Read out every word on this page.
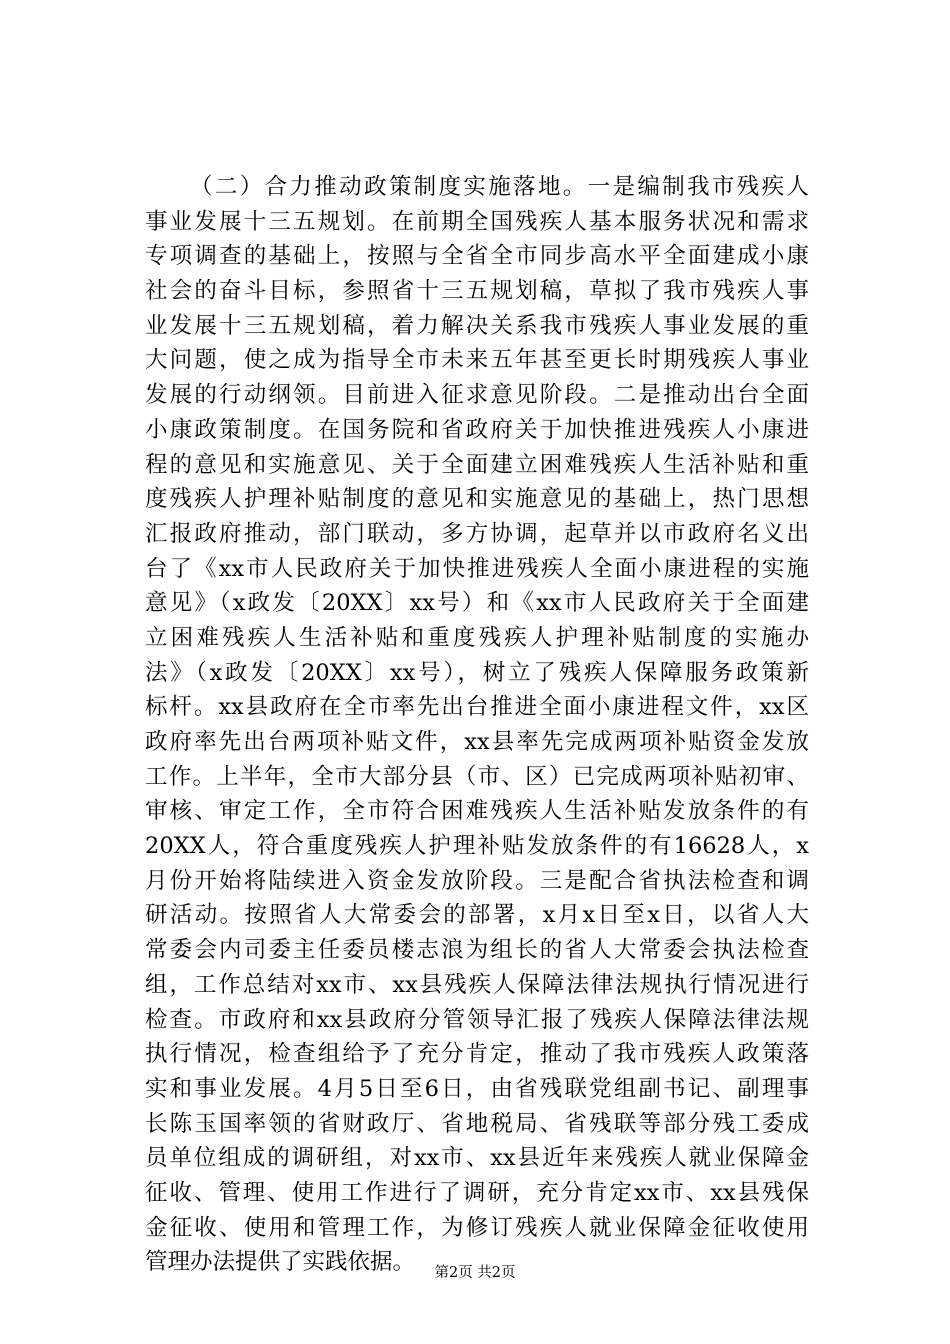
（二）合力推动政策制度实施落地。一是编制我市残疾人
事业发展十三五规划。在前期全国残疾人基本服务状况和需求
专项调查的基础上，按照与全省全市同步高水平全面建成小康
社会的奋斗目标，参照省十三五规划稿，草拟了我市残疾人事
业发展十三五规划稿，着力解决关系我市残疾人事业发展的重
大问题，使之成为指导全市未来五年甚至更长时期残疾人事业
发展的行动纲领。目前进入征求意见阶段。二是推动出台全面
小康政策制度。在国务院和省政府关于加快推进残疾人小康进
程的意见和实施意见、关于全面建立困难残疾人生活补贴和重
度残疾人护理补贴制度的意见和实施意见的基础上，热门思想
汇报政府推动，部门联动，多方协调，起草并以市政府名义出
台了《xx市人民政府关于加快推进残疾人全面小康进程的实施
意见》（x政发〔20XX〕xx号）和《xx市人民政府关于全面建
立困难残疾人生活补贴和重度残疾人护理补贴制度的实施办
法》（x政发〔20XX〕xx号），树立了残疾人保障服务政策新
标杆。xx县政府在全市率先出台推进全面小康进程文件，xx区
政府率先出台两项补贴文件，xx县率先完成两项补贴资金发放
工作。上半年，全市大部分县（市、区）已完成两项补贴初审、
审核、审定工作，全市符合困难残疾人生活补贴发放条件的有
20XX人，符合重度残疾人护理补贴发放条件的有16628人，x
月份开始将陆续进入资金发放阶段。三是配合省执法检查和调
研活动。按照省人大常委会的部署，x月x日至x日，以省人大
常委会内司委主任委员楼志浪为组长的省人大常委会执法检查
组，工作总结对xx市、xx县残疾人保障法律法规执行情况进行
检查。市政府和xx县政府分管领导汇报了残疾人保障法律法规
执行情况，检查组给予了充分肯定，推动了我市残疾人政策落
实和事业发展。4月5日至6日，由省残联党组副书记、副理事
长陈玉国率领的省财政厅、省地税局、省残联等部分残工委成
员单位组成的调研组，对xx市、xx县近年来残疾人就业保障金
征收、管理、使用工作进行了调研，充分肯定xx市、xx县残保
金征收、使用和管理工作，为修订残疾人就业保障金征收使用
管理办法提供了实践依据。	第2页 共2页
